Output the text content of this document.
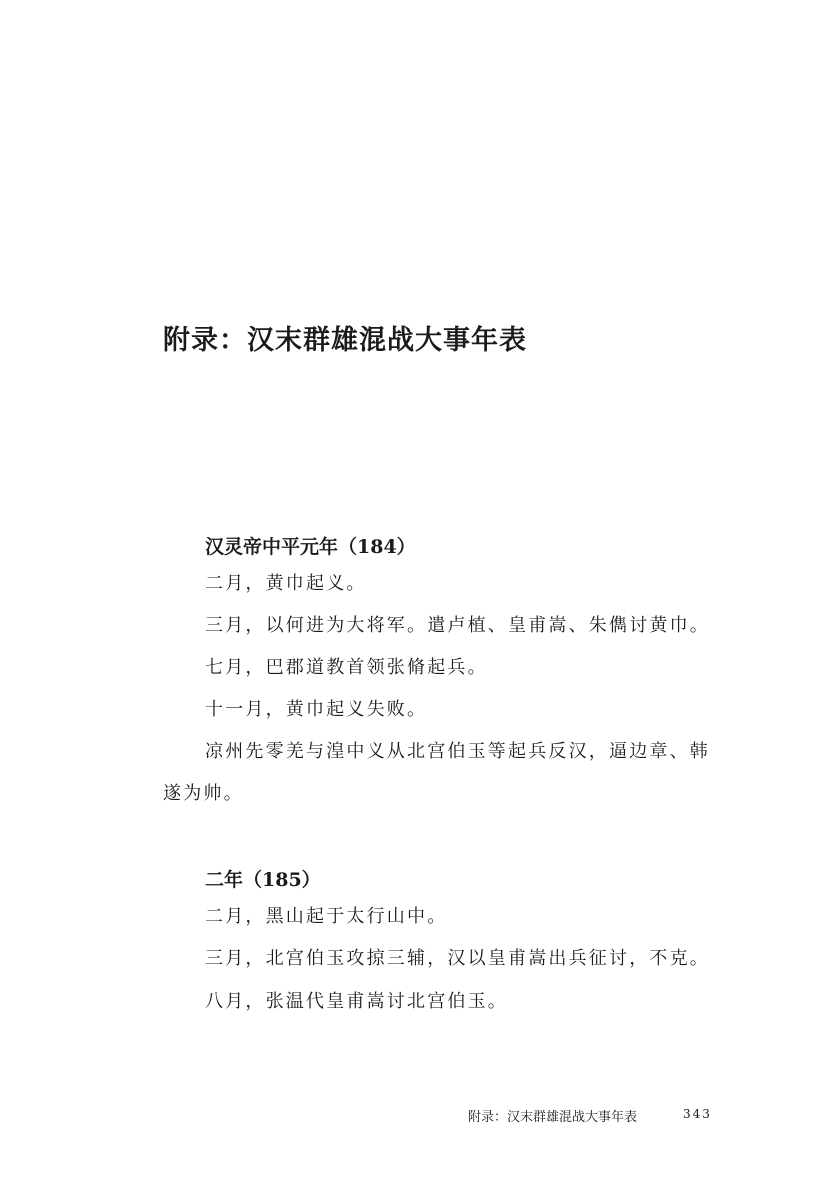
附录：汉末群雄混战大事年表
汉灵帝中平元年（184）
二月，黄巾起义。
三月，以何进为大将军。遣卢植、皇甫嵩、朱儁讨黄巾。
七月，巴郡道教首领张脩起兵。
十一月，黄巾起义失败。
凉州先零羌与湟中义从北宫伯玉等起兵反汉，逼边章、韩
遂为帅。
二年（185）
二月，黑山起于太行山中。
三月，北宫伯玉攻掠三辅，汉以皇甫嵩出兵征讨，不克。
八月，张温代皇甫嵩讨北宫伯玉。
附录：汉末群雄混战大事年表	343
